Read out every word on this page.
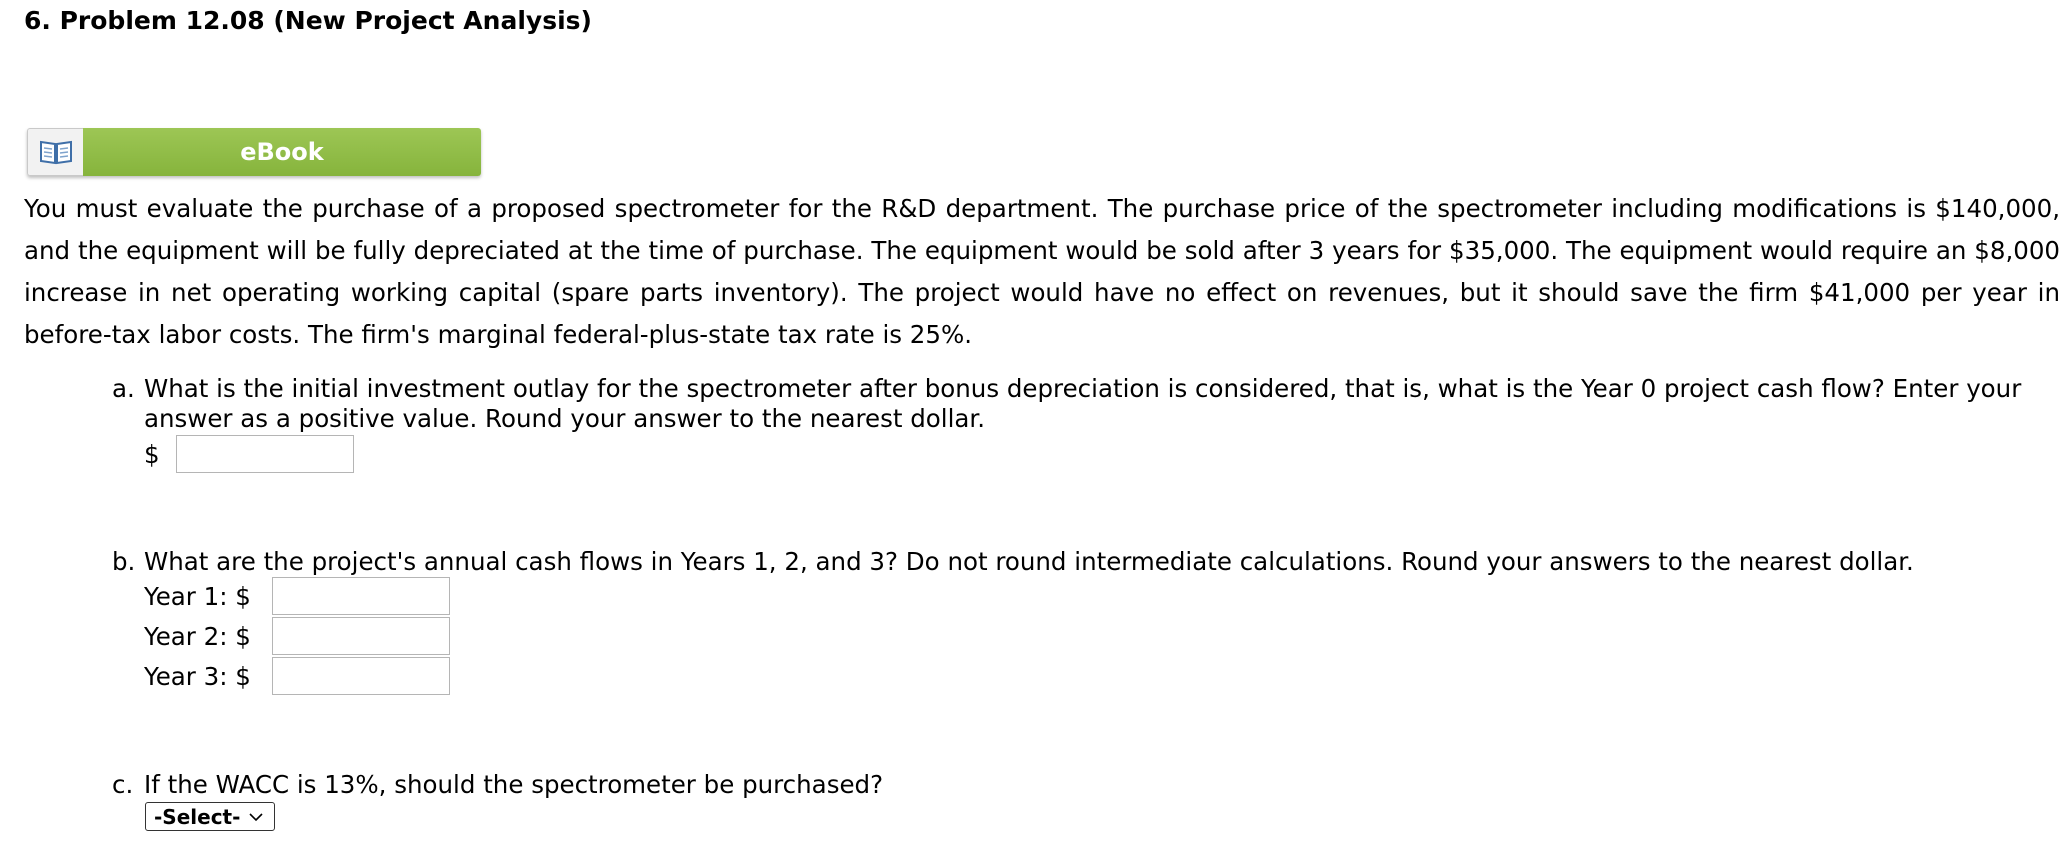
6. Problem 12.08 (New Project Analysis)
eBook

You must evaluate the purchase of a proposed spectrometer for the R&D department. The purchase price of the spectrometer including modifications is $140,000, and the equipment will be fully depreciated at the time of purchase. The equipment would be sold after 3 years for $35,000. The equipment would require an $8,000 increase in net operating working capital (spare parts inventory). The project would have no effect on revenues, but it should save the firm $41,000 per year in before-tax labor costs. The firm's marginal federal-plus-state tax rate is 25%.

a. What is the initial investment outlay for the spectrometer after bonus depreciation is considered, that is, what is the Year 0 project cash flow? Enter your
answer as a positive value. Round your answer to the nearest dollar.
$
b. What are the project's annual cash flows in Years 1, 2, and 3? Do not round intermediate calculations. Round your answers to the nearest dollar.
Year 1: $
Year 2: $
Year 3: $
c. If the WACC is 13%, should the spectrometer be purchased?
-Select-
